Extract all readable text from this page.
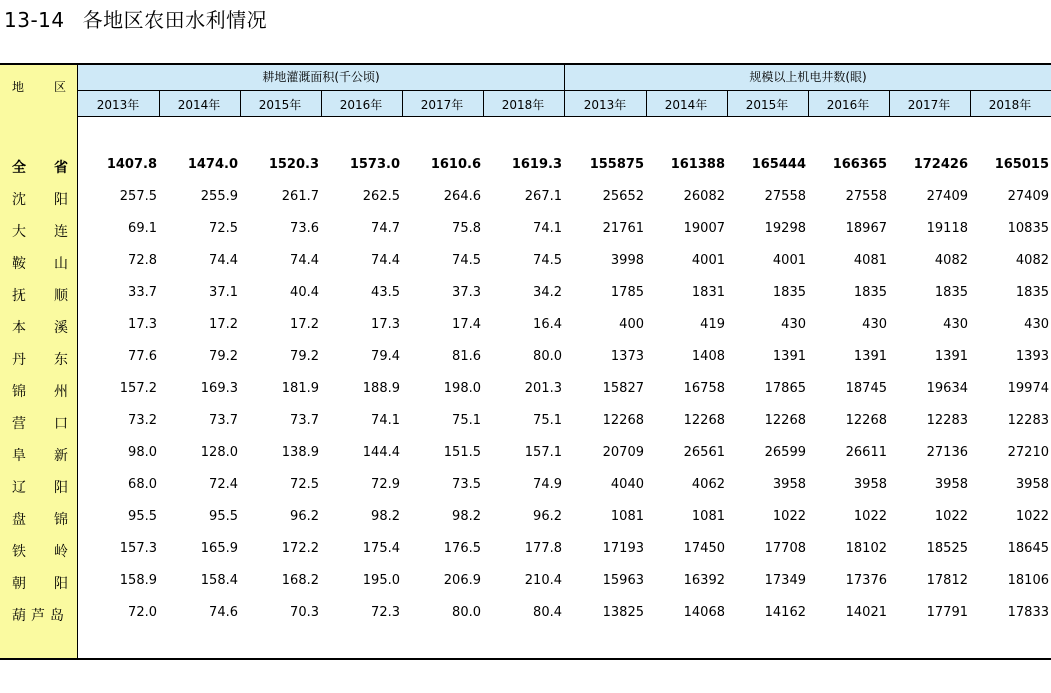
13-14 各地区农田水利情况
地 区
耕地灌溉面积(千公顷)	规模以上机电井数(眼)
2013年	2014年	2015年	2016年	2017年	2018年	2013年	2014年	2015年	2016年	2017年	2018年
全 省	1407.8	1474.0	1520.3	1573.0	1610.6	1619.3	155875	161388	165444	166365	172426	165015
沈 阳	257.5	255.9	261.7	262.5	264.6	267.1	25652	26082	27558	27558	27409	27409
大 连	69.1	72.5	73.6	74.7	75.8	74.1	21761	19007	19298	18967	19118	10835
鞍 山	72.8	74.4	74.4	74.4	74.5	74.5	3998	4001	4001	4081	4082	4082
抚 顺	33.7	37.1	40.4	43.5	37.3	34.2	1785	1831	1835	1835	1835	1835
本 溪	17.3	17.2	17.2	17.3	17.4	16.4	400	419	430	430	430	430
丹 东	77.6	79.2	79.2	79.4	81.6	80.0	1373	1408	1391	1391	1391	1393
锦 州	157.2	169.3	181.9	188.9	198.0	201.3	15827	16758	17865	18745	19634	19974
营 口	73.2	73.7	73.7	74.1	75.1	75.1	12268	12268	12268	12268	12283	12283
阜 新	98.0	128.0	138.9	144.4	151.5	157.1	20709	26561	26599	26611	27136	27210
辽 阳	68.0	72.4	72.5	72.9	73.5	74.9	4040	4062	3958	3958	3958	3958
盘 锦	95.5	95.5	96.2	98.2	98.2	96.2	1081	1081	1022	1022	1022	1022
铁 岭	157.3	165.9	172.2	175.4	176.5	177.8	17193	17450	17708	18102	18525	18645
朝 阳	158.9	158.4	168.2	195.0	206.9	210.4	15963	16392	17349	17376	17812	18106
葫芦岛	72.0	74.6	70.3	72.3	80.0	80.4	13825	14068	14162	14021	17791	17833
